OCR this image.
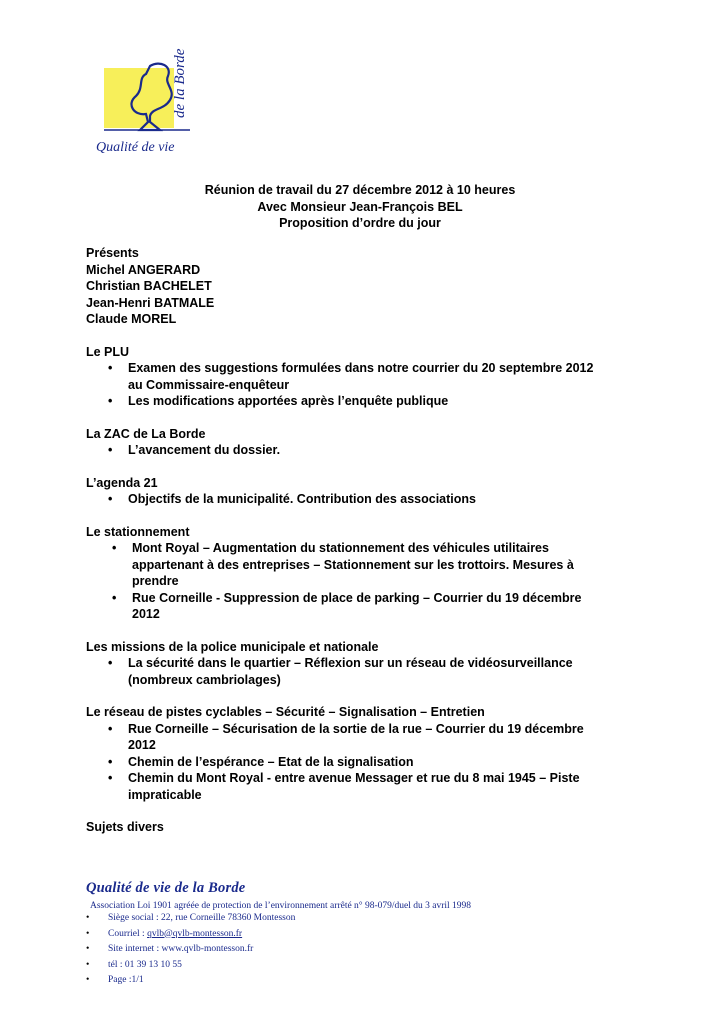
Qualité de vie
de la Borde
Réunion de travail du 27 décembre 2012 à 10 heures
Avec Monsieur Jean-François BEL
Proposition d’ordre du jour
Présents
Michel ANGERARD
Christian BACHELET
Jean-Henri BATMALE
Claude MOREL
Le PLU
• Examen des suggestions formulées dans notre courrier du 20 septembre 2012
au Commissaire-enquêteur
• Les modifications apportées après l’enquête publique
La ZAC de La Borde
• L’avancement du dossier.
L’agenda 21
• Objectifs de la municipalité. Contribution des associations
Le stationnement
• Mont Royal – Augmentation du stationnement des véhicules utilitaires
appartenant à des entreprises – Stationnement sur les trottoirs. Mesures à
prendre
• Rue Corneille - Suppression de place de parking – Courrier du 19 décembre
2012
Les missions de la police municipale et nationale
• La sécurité dans le quartier – Réflexion sur un réseau de vidéosurveillance
(nombreux cambriolages)
Le réseau de pistes cyclables – Sécurité – Signalisation – Entretien
• Rue Corneille – Sécurisation de la sortie de la rue – Courrier du 19 décembre
2012
• Chemin de l’espérance – Etat de la signalisation
• Chemin du Mont Royal - entre avenue Messager et rue du 8 mai 1945 – Piste
impraticable
Sujets divers
Qualité de vie de la Borde
Association Loi 1901 agréée de protection de l’environnement arrêté n° 98-079/duel du 3 avril 1998
• Siège social : 22, rue Corneille 78360 Montesson
• Courriel : qvlb@qvlb-montesson.fr
• Site internet : www.qvlb-montesson.fr
• tél : 01 39 13 10 55
• Page :1/1
